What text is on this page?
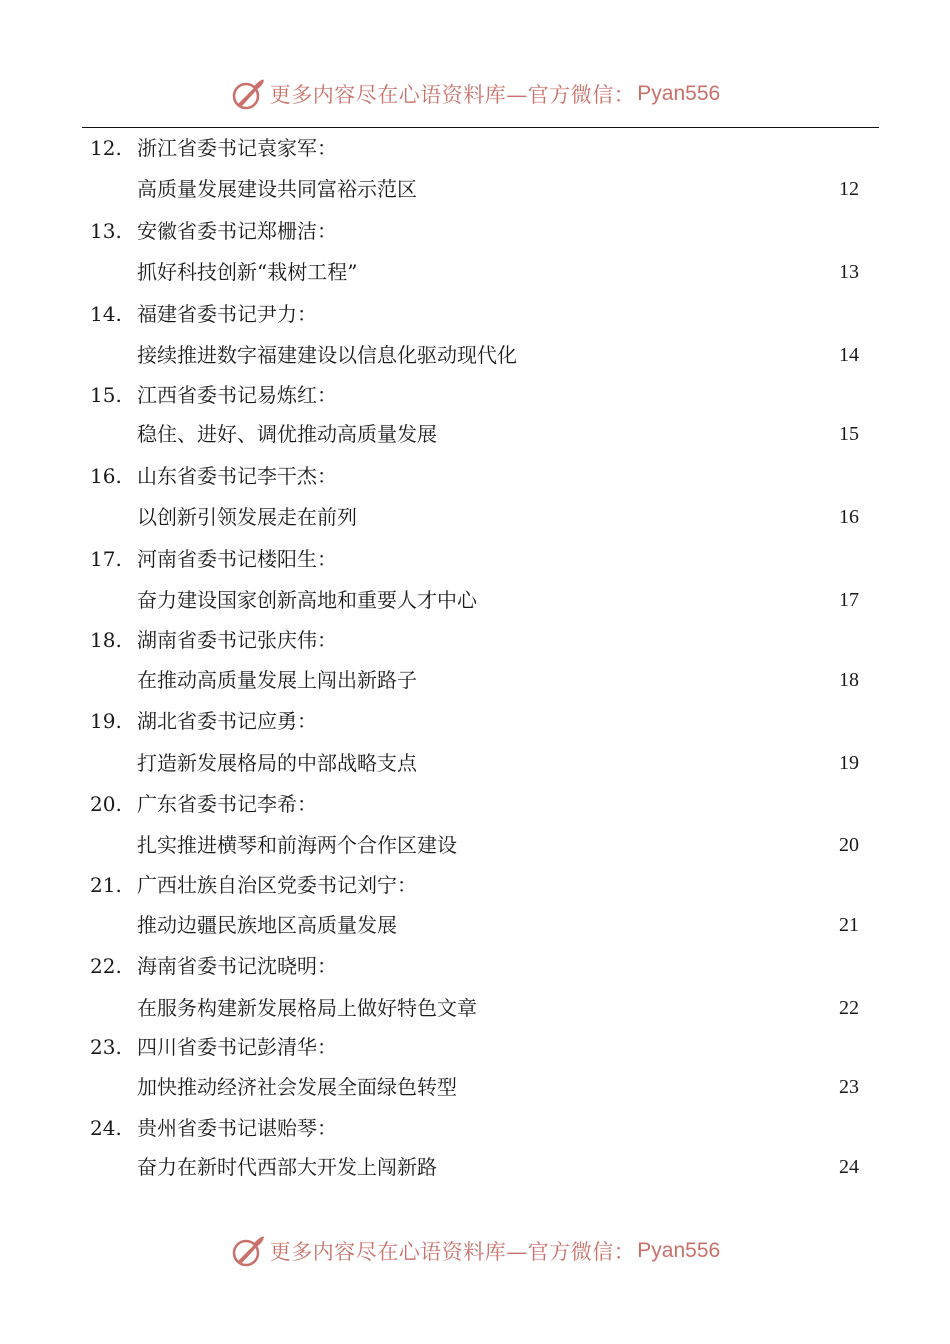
更多内容尽在心语资料库—官方微信： Pyan556
12. 浙江省委书记袁家军：
高质量发展建设共同富裕示范区	12
13. 安徽省委书记郑栅洁：
抓好科技创新“栽树工程”	13
14. 福建省委书记尹力：
接续推进数字福建建设以信息化驱动现代化	14
15. 江西省委书记易炼红：
稳住、进好、调优推动高质量发展	15
16. 山东省委书记李干杰：
以创新引领发展走在前列	16
17. 河南省委书记楼阳生：
奋力建设国家创新高地和重要人才中心	17
18. 湖南省委书记张庆伟：
在推动高质量发展上闯出新路子	18
19. 湖北省委书记应勇：
打造新发展格局的中部战略支点	19
20. 广东省委书记李希：
扎实推进横琴和前海两个合作区建设	20
21. 广西壮族自治区党委书记刘宁：
推动边疆民族地区高质量发展	21
22. 海南省委书记沈晓明：
在服务构建新发展格局上做好特色文章	22
23. 四川省委书记彭清华：
加快推动经济社会发展全面绿色转型	23
24. 贵州省委书记谌贻琴：
奋力在新时代西部大开发上闯新路	24
更多内容尽在心语资料库—官方微信： Pyan556
